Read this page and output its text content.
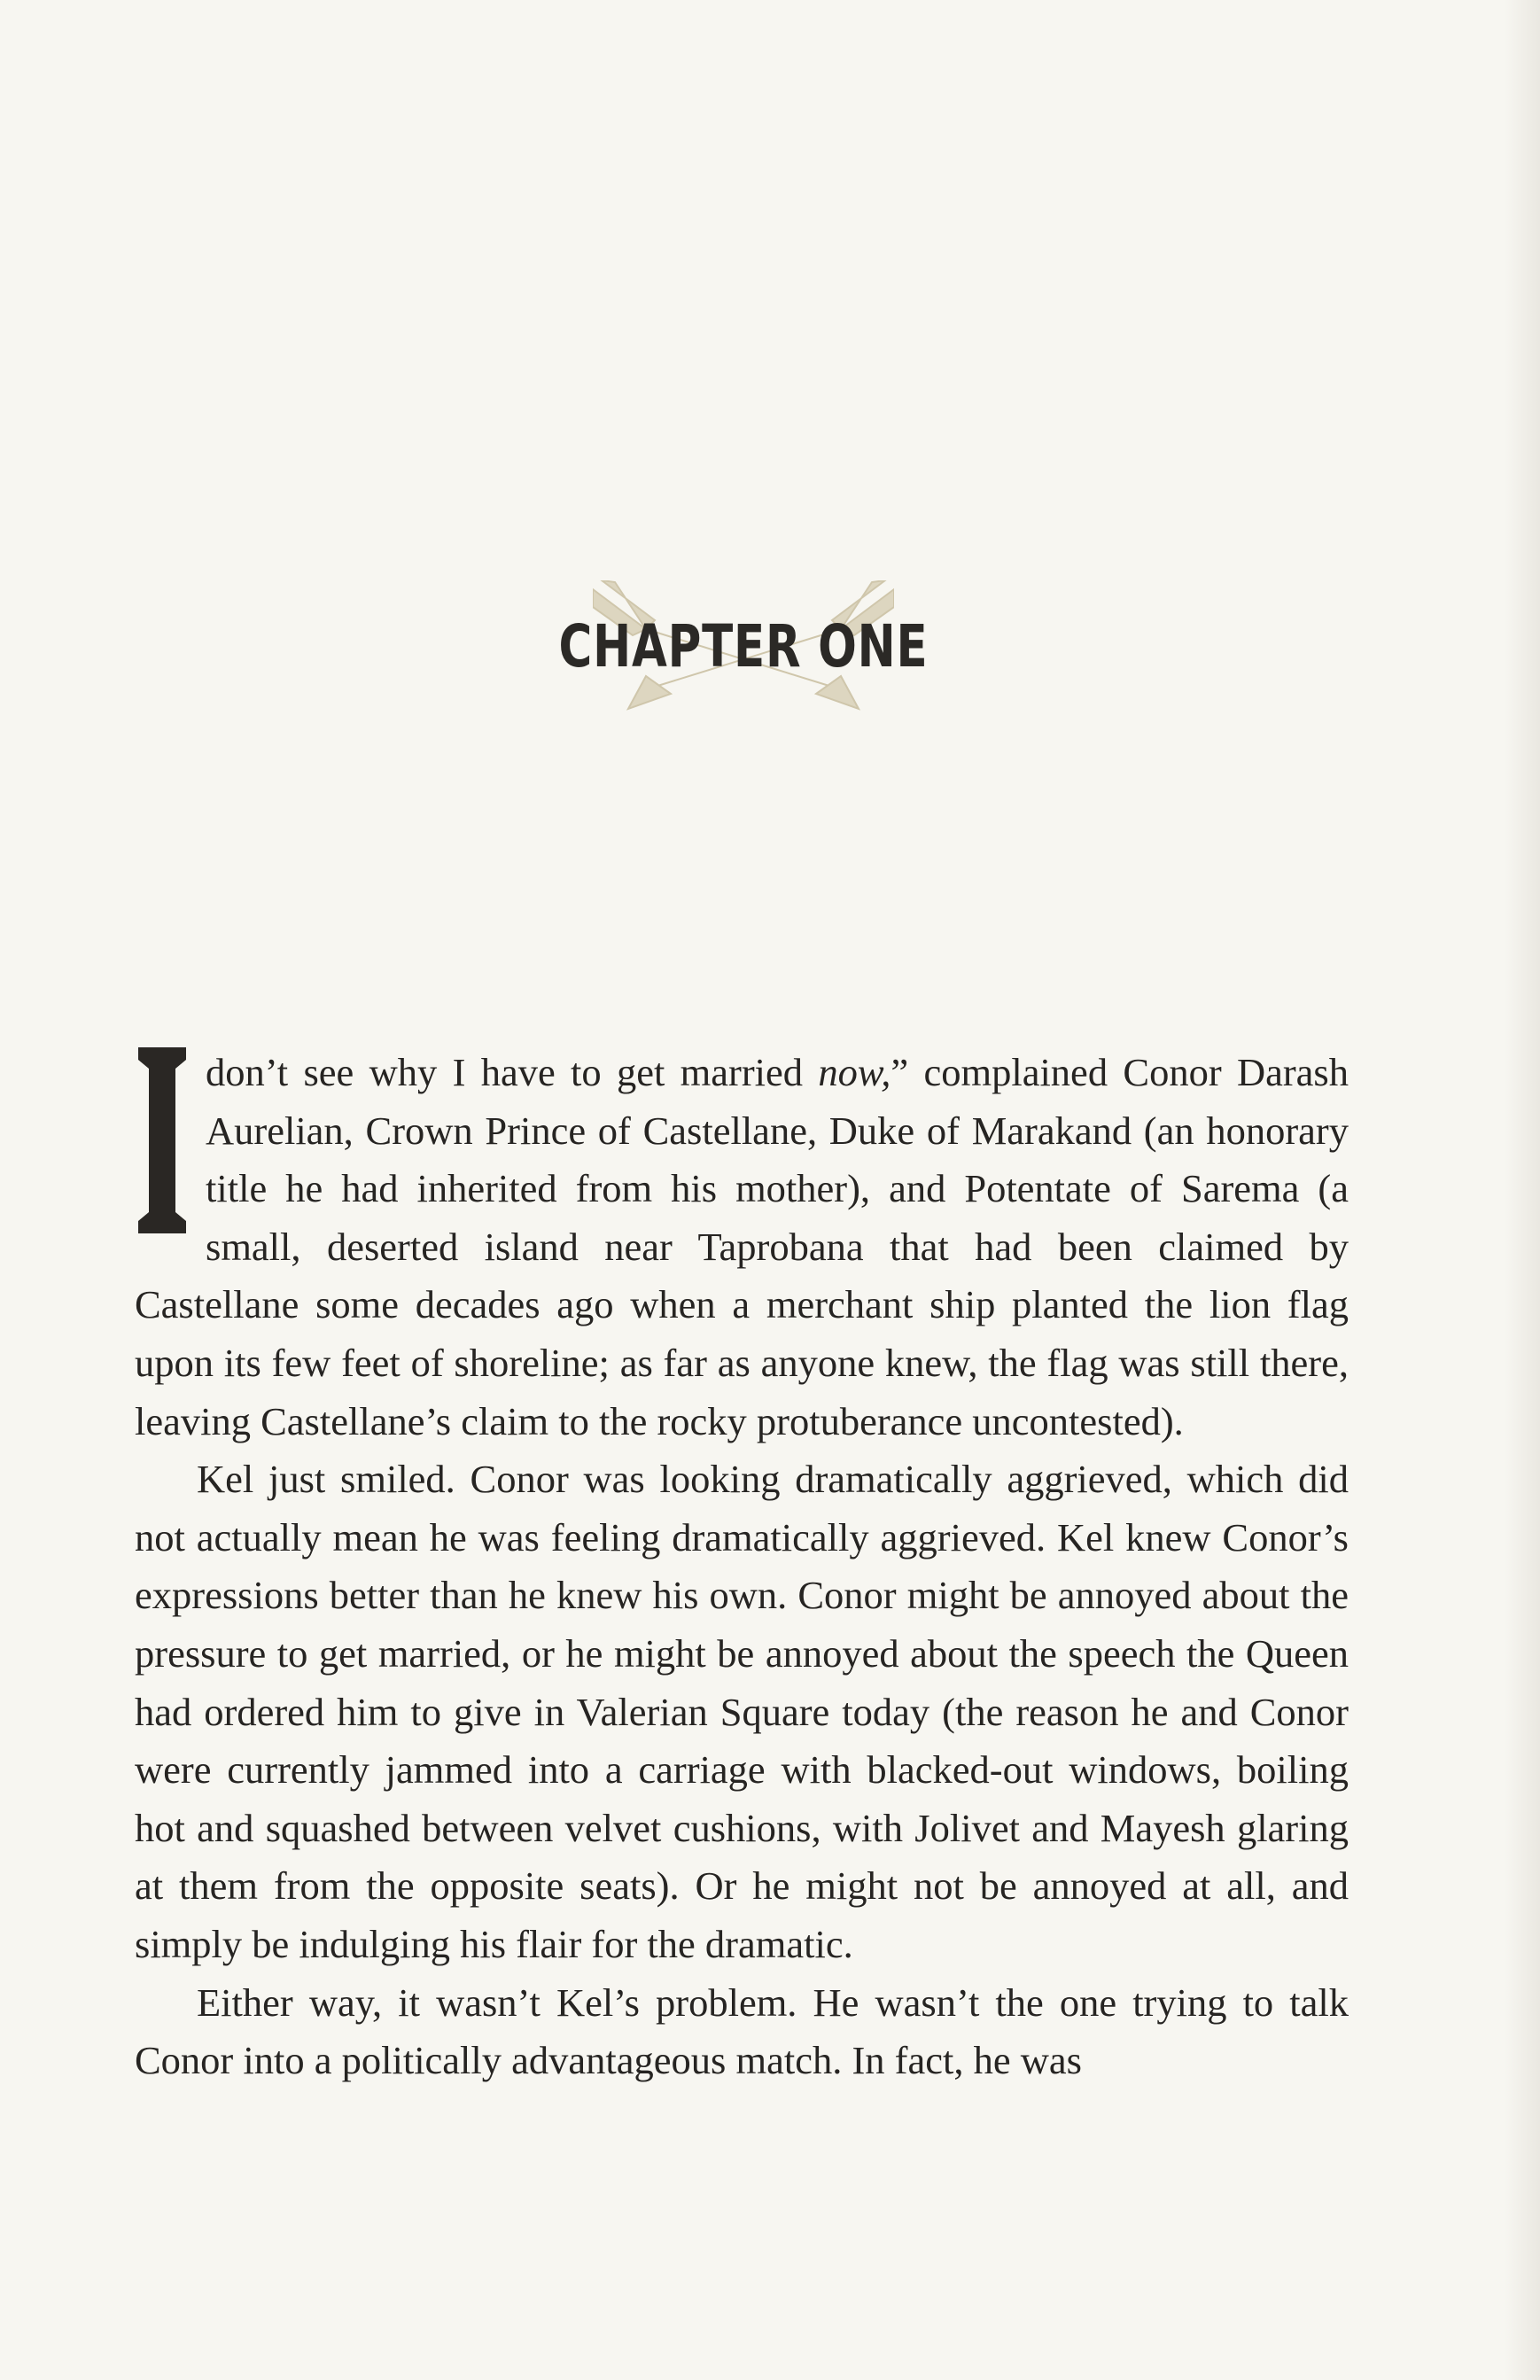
CHAPTER ONE

don’t see why I have to get married now,” complained Conor Darash Aurelian, Crown Prince of Castellane, Duke of Marakand (an honorary title he had inherited from his mother), and Potentate of Sarema (a small, deserted island near Taprobana that had been claimed by Castellane some decades ago when a merchant ship planted the lion flag upon its few feet of shoreline; as far as anyone knew, the flag was still there, leaving Castellane’s claim to the rocky protuberance uncontested).

Kel just smiled. Conor was looking dramatically aggrieved, which did not actually mean he was feeling dramatically aggrieved. Kel knew Conor’s expressions better than he knew his own. Conor might be annoyed about the pressure to get married, or he might be annoyed about the speech the Queen had ordered him to give in Valerian Square today (the reason he and Conor were currently jammed into a carriage with blacked-out windows, boiling hot and squashed between velvet cushions, with Jolivet and Mayesh glaring at them from the opposite seats). Or he might not be annoyed at all, and simply be indulging his flair for the dramatic.

Either way, it wasn’t Kel’s problem. He wasn’t the one trying to talk Conor into a politically advantageous match. In fact, he was
